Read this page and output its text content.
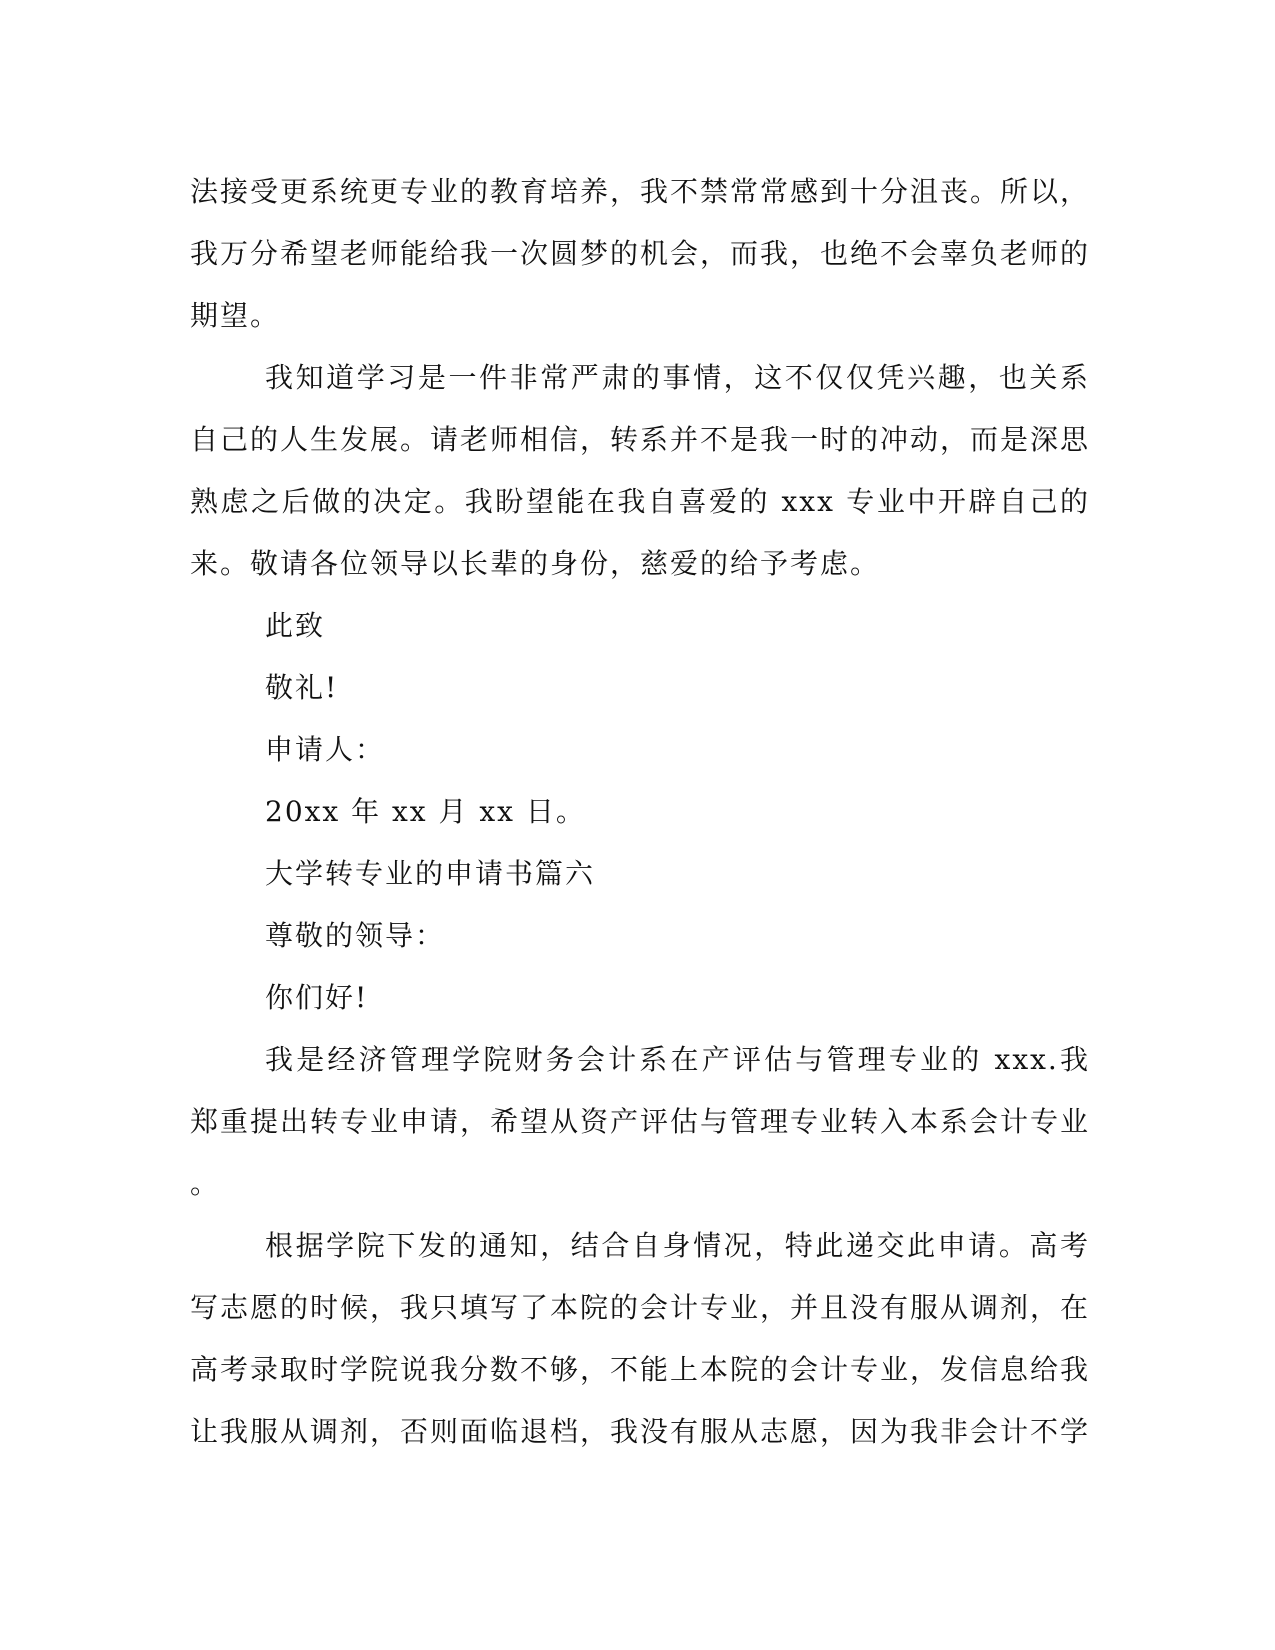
法接受更系统更专业的教育培养，我不禁常常感到十分沮丧。所以，
我万分希望老师能给我一次圆梦的机会，而我，也绝不会辜负老师的
期望。
我知道学习是一件非常严肃的事情，这不仅仅凭兴趣，也关系
自己的人生发展。请老师相信，转系并不是我一时的冲动，而是深思
熟虑之后做的决定。我盼望能在我自喜爱的 xxx 专业中开辟自己的
来。敬请各位领导以长辈的身份，慈爱的给予考虑。
此致
敬礼!
申请人：
20xx 年 xx 月 xx 日。
大学转专业的申请书篇六
尊敬的领导：
你们好!
我是经济管理学院财务会计系在产评估与管理专业的 xxx.我
郑重提出转专业申请，希望从资产评估与管理专业转入本系会计专业
。
根据学院下发的通知，结合自身情况，特此递交此申请。高考
写志愿的时候，我只填写了本院的会计专业，并且没有服从调剂，在
高考录取时学院说我分数不够，不能上本院的会计专业，发信息给我
让我服从调剂，否则面临退档，我没有服从志愿，因为我非会计不学
